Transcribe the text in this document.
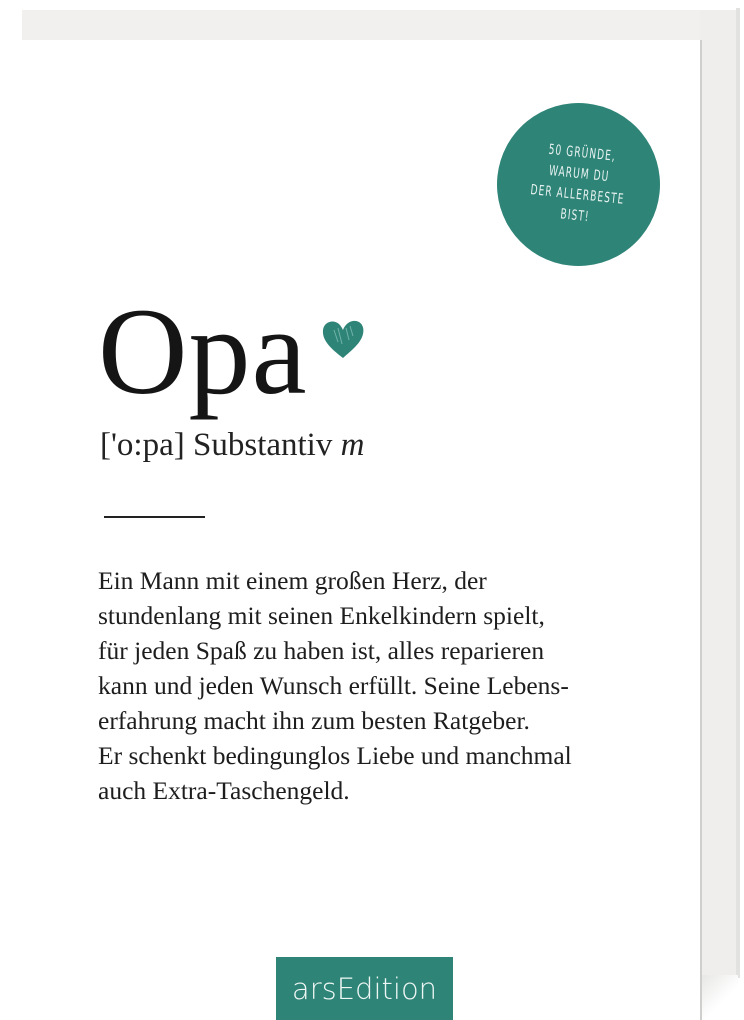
50 GRÜNDE,
WARUM DU
DER ALLERBESTE
BIST!
Opa
['o:pa] Substantiv m
Ein Mann mit einem großen Herz, der
stundenlang mit seinen Enkelkindern spielt,
für jeden Spaß zu haben ist, alles reparieren
kann und jeden Wunsch erfüllt. Seine Lebens-
erfahrung macht ihn zum besten Ratgeber.
Er schenkt bedingunglos Liebe und manchmal
auch Extra-Taschengeld.
arsEdition
